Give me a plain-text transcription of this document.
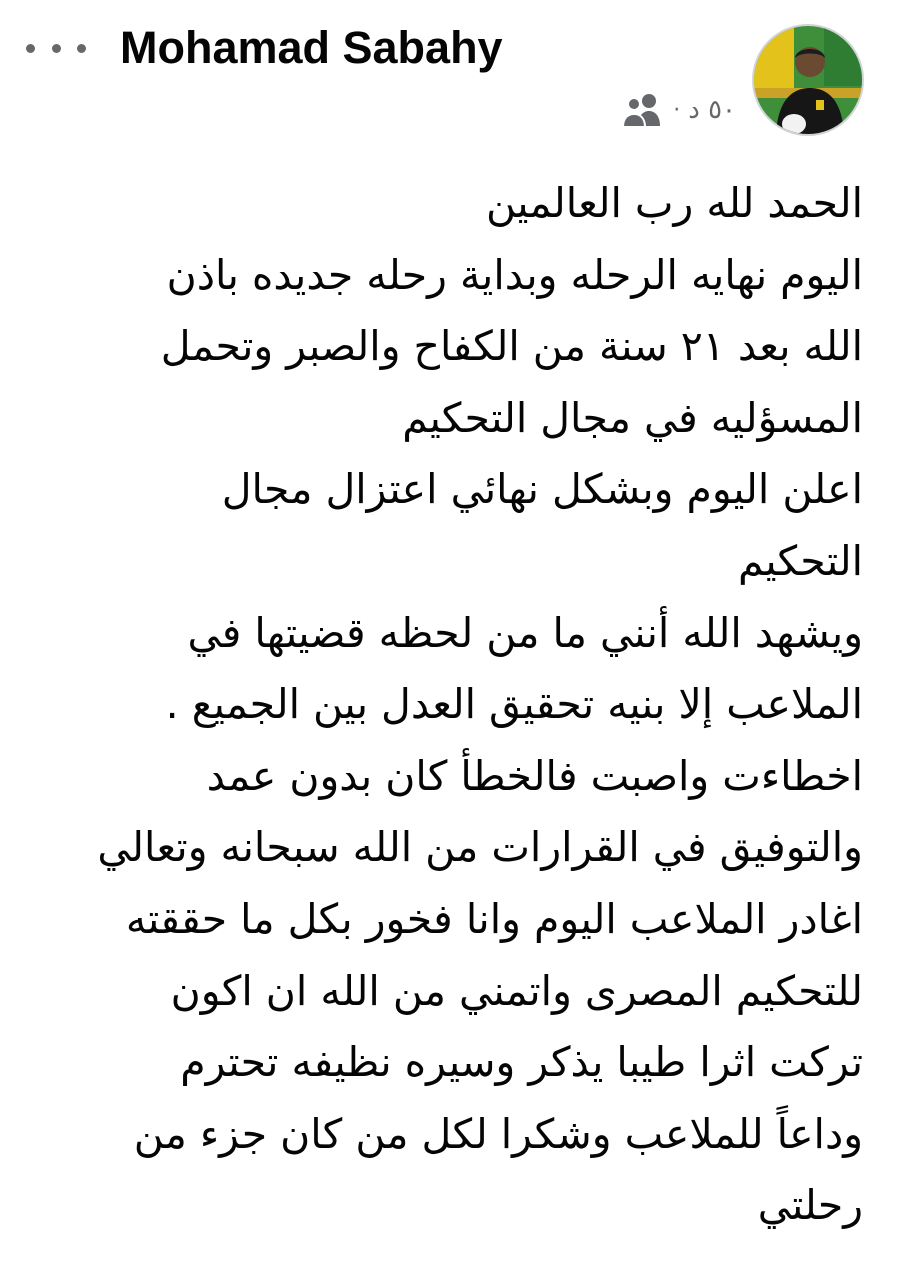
Mohamad Sabahy
· ٥٠ د
الحمد لله رب العالمين
اليوم نهايه الرحله وبداية رحله جديده باذن
الله بعد ٢١ سنة من الكفاح والصبر وتحمل
المسؤليه في مجال التحكيم
اعلن اليوم وبشكل نهائي اعتزال مجال
التحكيم
ويشهد الله أنني ما من لحظه قضيتها في
الملاعب إلا بنيه تحقيق العدل بين الجميع .
اخطاءت واصبت فالخطأ كان بدون عمد
والتوفيق في القرارات من الله سبحانه وتعالي
اغادر الملاعب اليوم وانا فخور بكل ما حققته
للتحكيم المصرى واتمني من الله ان اكون
تركت اثرا طيبا يذكر وسيره نظيفه تحترم
وداعاً للملاعب وشكرا لكل من كان جزء من
رحلتي
